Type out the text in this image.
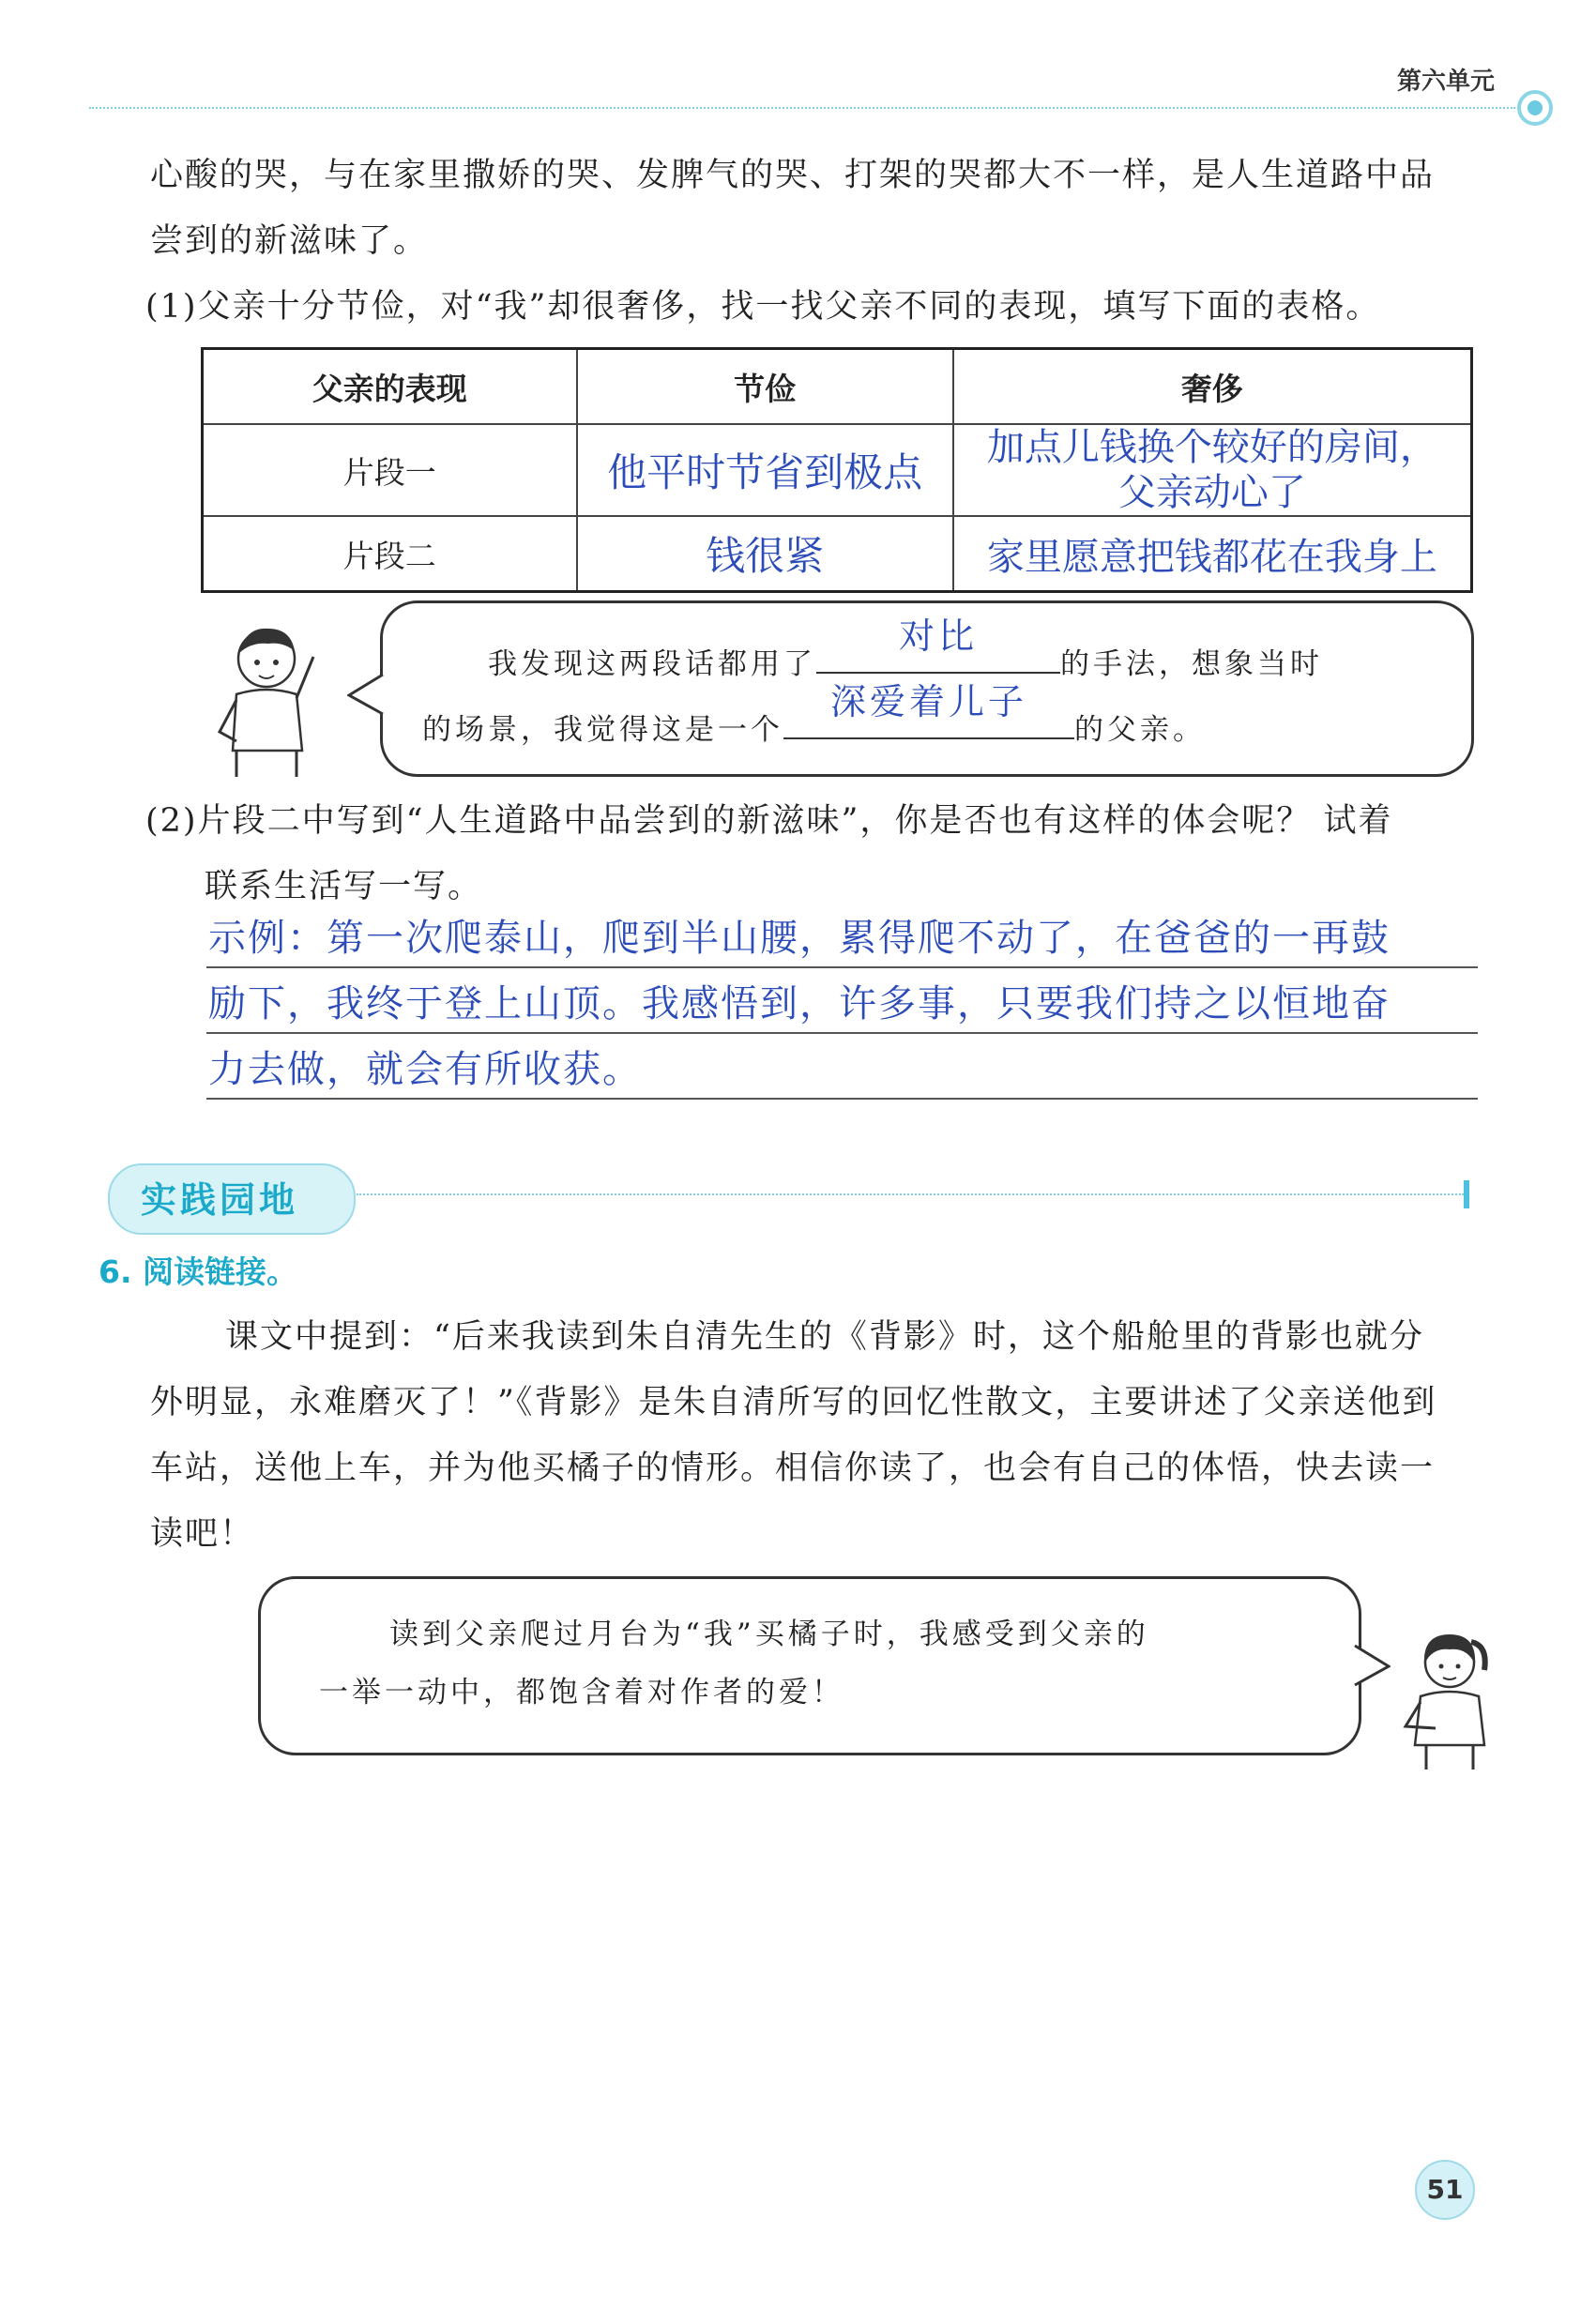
第六单元
心酸的哭，与在家里撒娇的哭、发脾气的哭、打架的哭都大不一样，是人生道路中品
尝到的新滋味了。
(1)父亲十分节俭，对“我”却很奢侈，找一找父亲不同的表现，填写下面的表格。
父亲的表现	节俭	奢侈
片段一	他平时节省到极点	加点儿钱换个较好的房间，
父亲动心了

片段二	钱很紧	家里愿意把钱都花在我身上
我发现这两段话都用了
对比
的手法，想象当时
的场景，我觉得这是一个
深爱着儿子
的父亲。
(2)片段二中写到“人生道路中品尝到的新滋味”，你是否也有这样的体会呢？ 试着
联系生活写一写。
示例：第一次爬泰山，爬到半山腰，累得爬不动了，在爸爸的一再鼓
励下，我终于登上山顶。我感悟到，许多事，只要我们持之以恒地奋
力去做，就会有所收获。
实践园地
6. 阅读链接。
课文中提到：“后来我读到朱自清先生的《背影》时，这个船舱里的背影也就分
外明显，永难磨灭了！”《背影》是朱自清所写的回忆性散文，主要讲述了父亲送他到
车站，送他上车，并为他买橘子的情形。相信你读了，也会有自己的体悟，快去读一
读吧！
读到父亲爬过月台为“我”买橘子时，我感受到父亲的
一举一动中，都饱含着对作者的爱！
51
